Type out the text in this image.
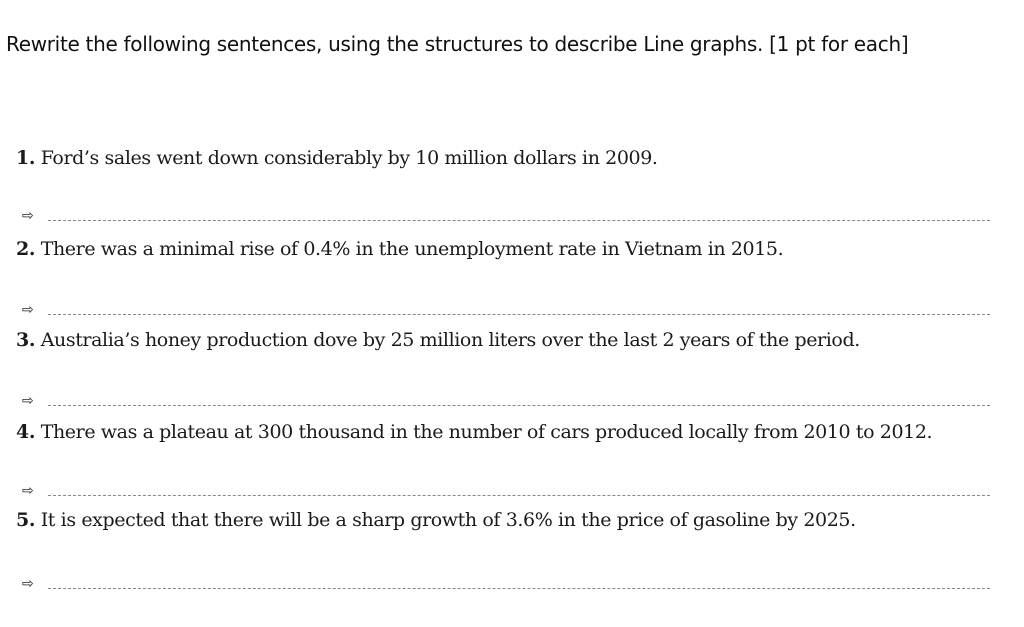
Rewrite the following sentences, using the structures to describe Line graphs. [1 pt for each]
1. Ford’s sales went down considerably by 10 million dollars in 2009.
⇨
2. There was a minimal rise of 0.4% in the unemployment rate in Vietnam in 2015.
⇨
3. Australia’s honey production dove by 25 million liters over the last 2 years of the period.
⇨
4. There was a plateau at 300 thousand in the number of cars produced locally from 2010 to 2012.
⇨
5. It is expected that there will be a sharp growth of 3.6% in the price of gasoline by 2025.
⇨
